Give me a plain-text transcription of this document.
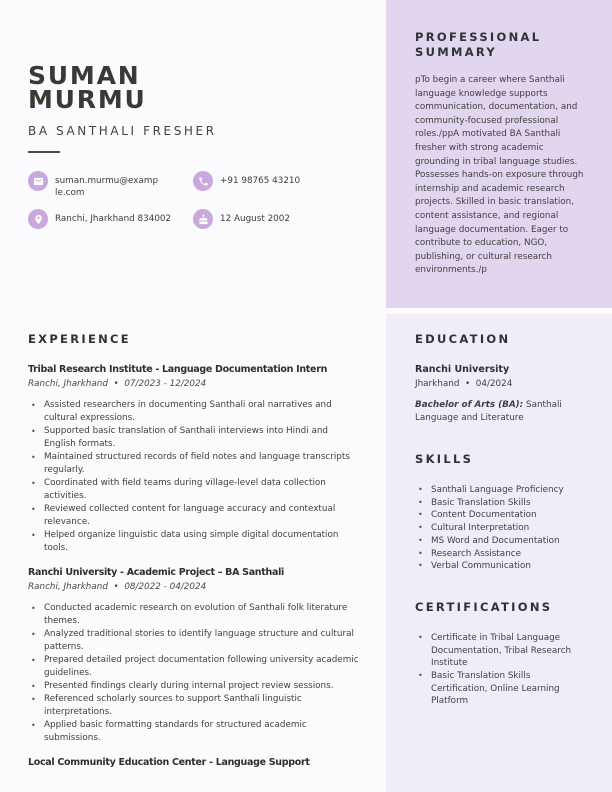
SUMAN
MURMU
BA SANTHALI FRESHER
suman.murmu@example.com
+91 98765 43210
Ranchi, Jharkhand 834002	12 August 2002
PROFESSIONAL SUMMARY

pTo begin a career where Santhali language knowledge supports communication, documentation, and community-focused professional roles./ppA motivated BA Santhali fresher with strong academic grounding in tribal language studies. Possesses hands-on exposure through internship and academic research projects. Skilled in basic translation, content assistance, and regional language documentation. Eager to contribute to education, NGO, publishing, or cultural research environments./p

EXPERIENCE
Tribal Research Institute - Language Documentation Intern
Ranchi, Jharkhand  •  07/2023 - 12/2024
• Assisted researchers in documenting Santhali oral narratives and cultural expressions.
• Supported basic translation of Santhali interviews into Hindi and English formats.
• Maintained structured records of field notes and language transcripts regularly.
• Coordinated with field teams during village-level data collection activities.
• Reviewed collected content for language accuracy and contextual relevance.
• Helped organize linguistic data using simple digital documentation tools.
Ranchi University - Academic Project – BA Santhali
Ranchi, Jharkhand  •  08/2022 - 04/2024
• Conducted academic research on evolution of Santhali folk literature themes.
• Analyzed traditional stories to identify language structure and cultural patterns.
• Prepared detailed project documentation following university academic guidelines.
• Presented findings clearly during internal project review sessions.
• Referenced scholarly sources to support Santhali linguistic interpretations.
• Applied basic formatting standards for structured academic submissions.
Local Community Education Center - Language Support
EDUCATION
Ranchi University
Jharkhand  •  04/2024
Bachelor of Arts (BA): Santhali Language and Literature
SKILLS
• Santhali Language Proficiency
• Basic Translation Skills
• Content Documentation
• Cultural Interpretation
• MS Word and Documentation
• Research Assistance
• Verbal Communication
CERTIFICATIONS
• Certificate in Tribal Language Documentation, Tribal Research Institute
• Basic Translation Skills Certification, Online Learning Platform
